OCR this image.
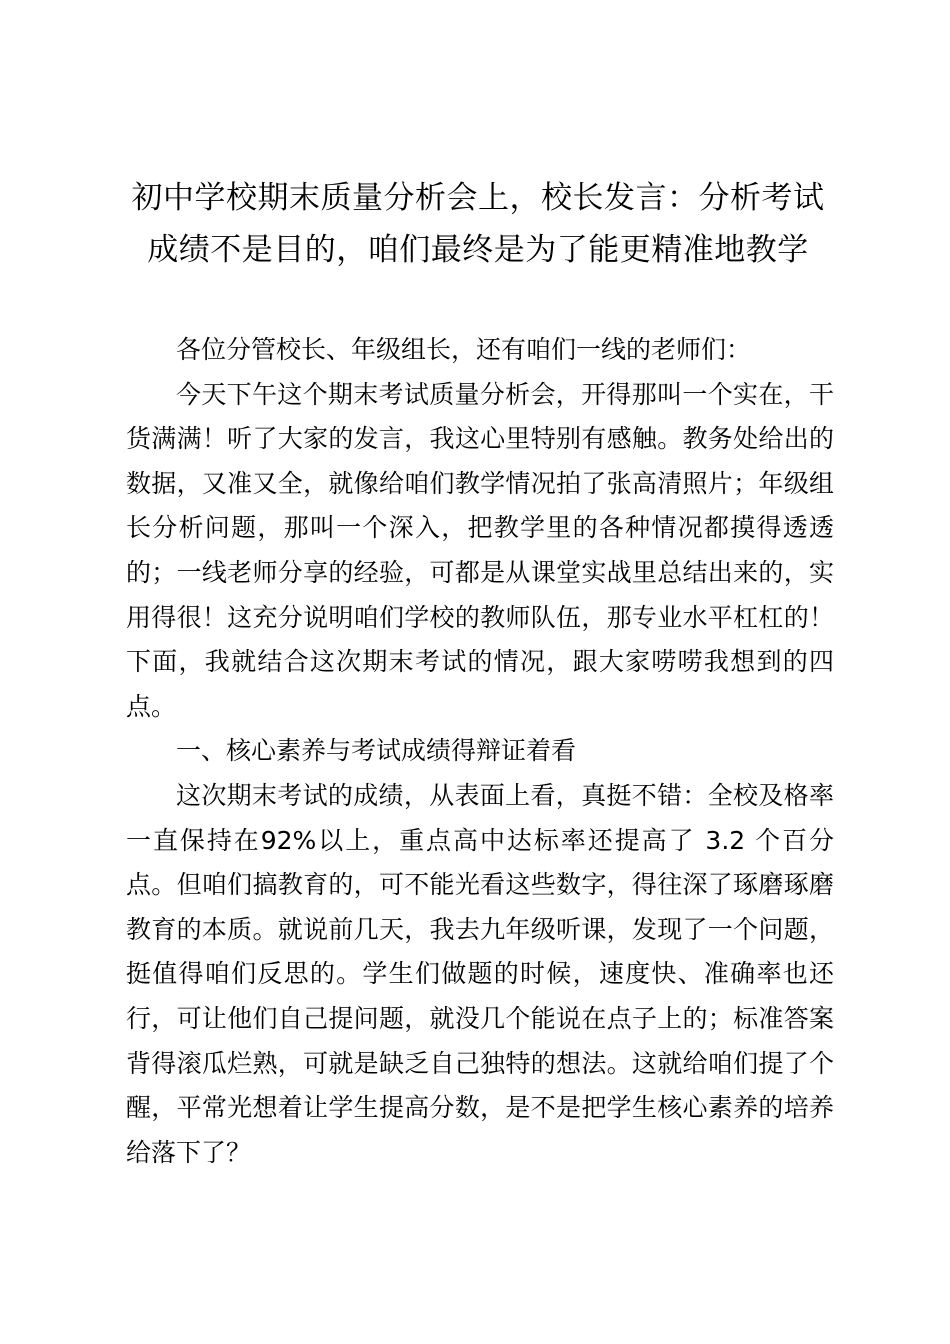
初中学校期末质量分析会上，校长发言：分析考试成绩不是目的，咱们最终是为了能更精准地教学

各位分管校长、年级组长，还有咱们一线的老师们：

今天下午这个期末考试质量分析会，开得那叫一个实在，干货满满！听了大家的发言，我这心里特别有感触。教务处给出的数据，又准又全，就像给咱们教学情况拍了张高清照片；年级组长分析问题，那叫一个深入，把教学里的各种情况都摸得透透的；一线老师分享的经验，可都是从课堂实战里总结出来的，实用得很！这充分说明咱们学校的教师队伍，那专业水平杠杠的！下面，我就结合这次期末考试的情况，跟大家唠唠我想到的四点。

一、核心素养与考试成绩得辩证着看

这次期末考试的成绩，从表面上看，真挺不错：全校及格率一直保持在92%以上，重点高中达标率还提高了 3.2 个百分点。但咱们搞教育的，可不能光看这些数字，得往深了琢磨琢磨教育的本质。就说前几天，我去九年级听课，发现了一个问题，挺值得咱们反思的。学生们做题的时候，速度快、准确率也还行，可让他们自己提问题，就没几个能说在点子上的；标准答案背得滚瓜烂熟，可就是缺乏自己独特的想法。这就给咱们提了个醒，平常光想着让学生提高分数，是不是把学生核心素养的培养给落下了？
